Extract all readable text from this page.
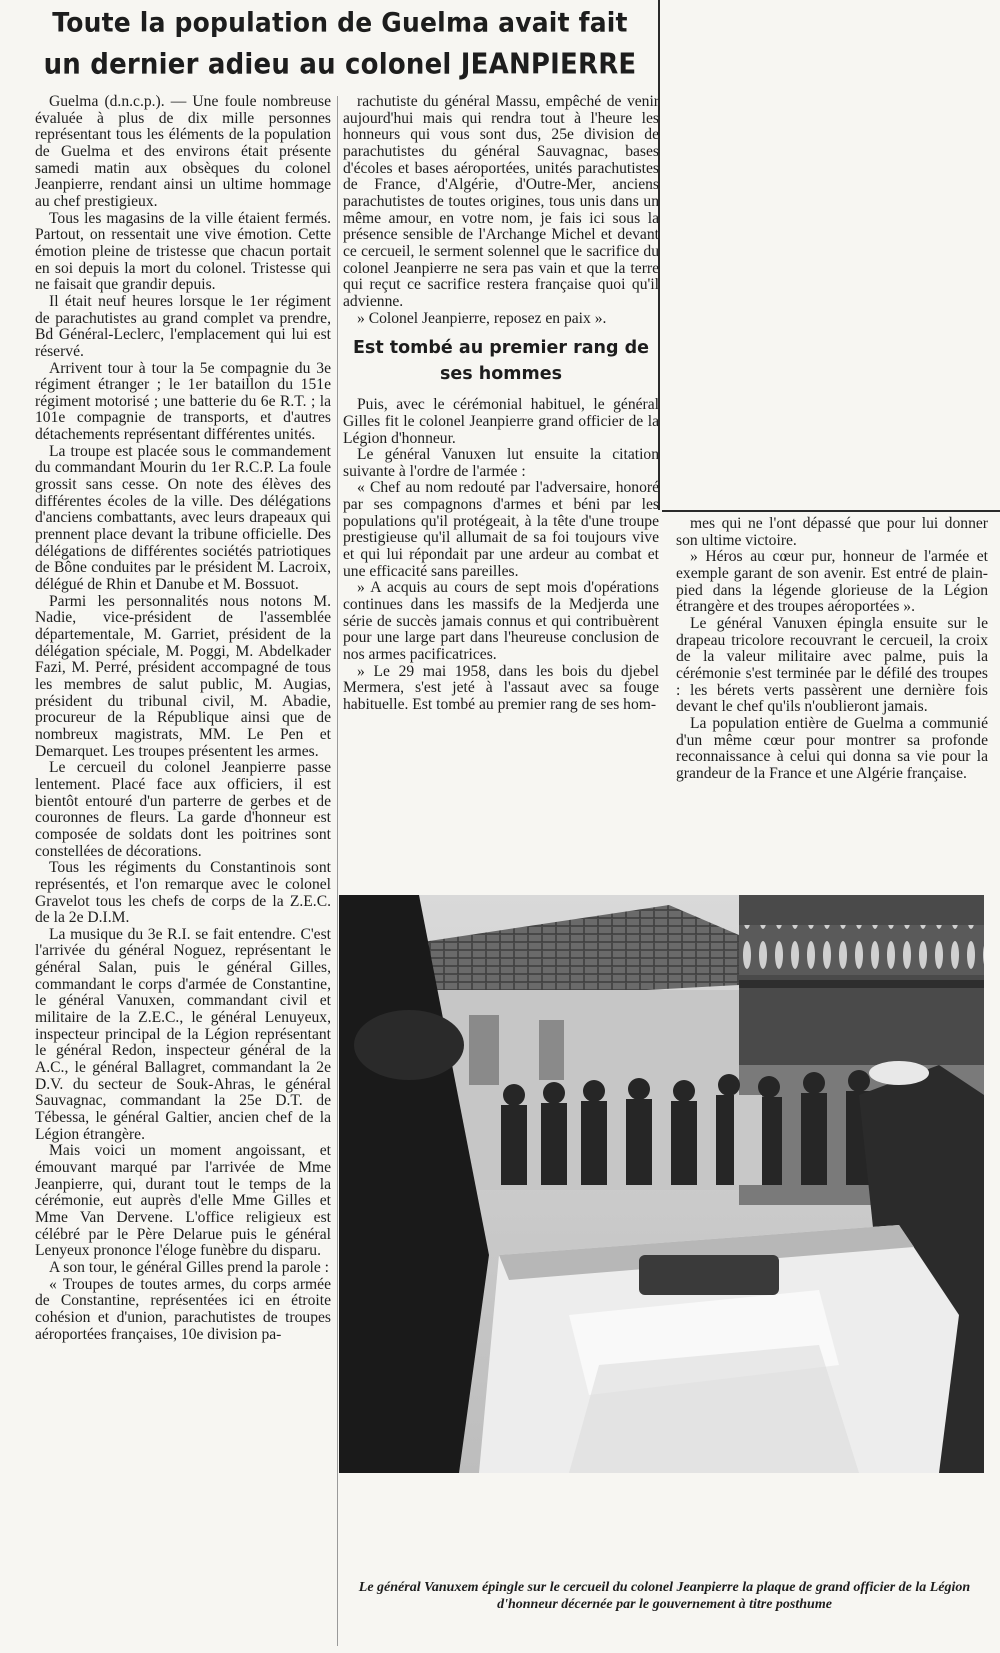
Toute la population de Guelma avait fait
un dernier adieu au colonel JEANPIERRE

Guelma (d.n.c.p.). — Une foule nombreuse évaluée à plus de dix mille personnes représentant tous les éléments de la population de Guelma et des environs était présente samedi matin aux obsèques du colonel Jeanpierre, rendant ainsi un ultime hommage au chef prestigieux.

Tous les magasins de la ville étaient fermés. Partout, on ressentait une vive émotion. Cette émotion pleine de tristesse que chacun portait en soi depuis la mort du colonel. Tristesse qui ne faisait que grandir depuis.

Il était neuf heures lorsque le 1er régiment de parachutistes au grand complet va prendre, Bd Général-Leclerc, l'emplacement qui lui est réservé.

Arrivent tour à tour la 5e compagnie du 3e régiment étranger ; le 1er bataillon du 151e régiment motorisé ; une batterie du 6e R.T. ; la 101e compagnie de transports, et d'autres détachements représentant différentes unités.

La troupe est placée sous le commandement du commandant Mourin du 1er R.C.P. La foule grossit sans cesse. On note des élèves des différentes écoles de la ville. Des délégations d'anciens combattants, avec leurs drapeaux qui prennent place devant la tribune officielle. Des délégations de différentes sociétés patriotiques de Bône conduites par le président M. Lacroix, délégué de Rhin et Danube et M. Bossuot.

Parmi les personnalités nous notons M. Nadie, vice-président de l'assemblée départementale, M. Garriet, président de la délégation spéciale, M. Poggi, M. Abdelkader Fazi, M. Perré, président accompagné de tous les membres de salut public, M. Augias, président du tribunal civil, M. Abadie, procureur de la République ainsi que de nombreux magistrats, MM. Le Pen et Demarquet. Les troupes présentent les armes.

Le cercueil du colonel Jeanpierre passe lentement. Placé face aux officiers, il est bientôt entouré d'un parterre de gerbes et de couronnes de fleurs. La garde d'honneur est composée de soldats dont les poitrines sont constellées de décorations.

Tous les régiments du Constantinois sont représentés, et l'on remarque avec le colonel Gravelot tous les chefs de corps de la Z.E.C. de la 2e D.I.M.

La musique du 3e R.I. se fait entendre. C'est l'arrivée du général Noguez, représentant le général Salan, puis le général Gilles, commandant le corps d'armée de Constantine, le général Vanuxen, commandant civil et militaire de la Z.E.C., le général Lenuyeux, inspecteur principal de la Légion représentant le général Redon, inspecteur général de la A.C., le général Ballagret, commandant la 2e D.V. du secteur de Souk-Ahras, le général Sauvagnac, commandant la 25e D.T. de Tébessa, le général Galtier, ancien chef de la Légion étrangère.

Mais voici un moment angoissant, et émouvant marqué par l'arrivée de Mme Jeanpierre, qui, durant tout le temps de la cérémonie, eut auprès d'elle Mme Gilles et Mme Van Dervene. L'office religieux est célébré par le Père Delarue puis le général Lenyeux prononce l'éloge funèbre du disparu.

A son tour, le général Gilles prend la parole :

« Troupes de toutes armes, du corps armée de Constantine, représentées ici en étroite cohésion et d'union, parachutistes de troupes aéroportées françaises, 10e division pa-

rachutiste du général Massu, empêché de venir aujourd'hui mais qui rendra tout à l'heure les honneurs qui vous sont dus, 25e division de parachutistes du général Sauvagnac, bases d'écoles et bases aéroportées, unités parachutistes de France, d'Algérie, d'Outre-Mer, anciens parachutistes de toutes origines, tous unis dans un même amour, en votre nom, je fais ici sous la présence sensible de l'Archange Michel et devant ce cercueil, le serment solennel que le sacrifice du colonel Jeanpierre ne sera pas vain et que la terre qui reçut ce sacrifice restera française quoi qu'il advienne.

» Colonel Jeanpierre, reposez en paix ».

Est tombé au premier rang de ses hommes

Puis, avec le cérémonial habituel, le général Gilles fit le colonel Jeanpierre grand officier de la Légion d'honneur.

Le général Vanuxen lut ensuite la citation suivante à l'ordre de l'armée :

« Chef au nom redouté par l'adversaire, honoré par ses compagnons d'armes et béni par les populations qu'il protégeait, à la tête d'une troupe prestigieuse qu'il allumait de sa foi toujours vive et qui lui répondait par une ardeur au combat et une efficacité sans pareilles.

» A acquis au cours de sept mois d'opérations continues dans les massifs de la Medjerda une série de succès jamais connus et qui contribuèrent pour une large part dans l'heureuse conclusion de nos armes pacificatrices.

» Le 29 mai 1958, dans les bois du djebel Mermera, s'est jeté à l'assaut avec sa fouge habituelle. Est tombé au premier rang de ses hom-

mes qui ne l'ont dépassé que pour lui donner son ultime victoire.

» Héros au cœur pur, honneur de l'armée et exemple garant de son avenir. Est entré de plain-pied dans la légende glorieuse de la Légion étrangère et des troupes aéroportées ».

Le général Vanuxen épingla ensuite sur le drapeau tricolore recouvrant le cercueil, la croix de la valeur militaire avec palme, puis la cérémonie s'est terminée par le défilé des troupes : les bérets verts passèrent une dernière fois devant le chef qu'ils n'oublieront jamais.

La population entière de Guelma a communié d'un même cœur pour montrer sa profonde reconnaissance à celui qui donna sa vie pour la grandeur de la France et une Algérie française.

Le général Vanuxem épingle sur le cercueil du colonel Jeanpierre la plaque de grand officier de la Légion d'honneur décernée par le gouvernement à titre posthume
